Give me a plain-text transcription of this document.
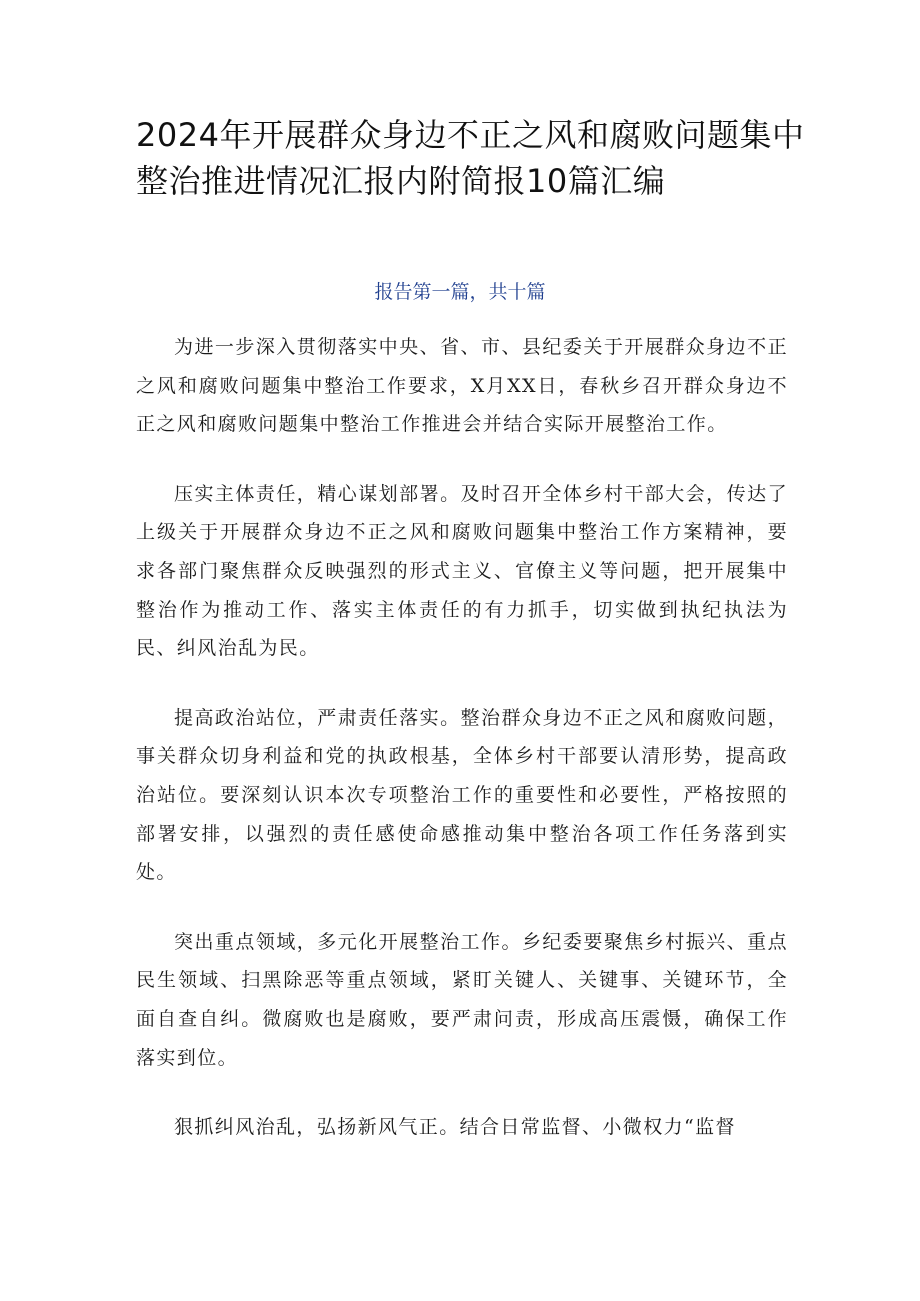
2024年开展群众身边不正之风和腐败问题集中整治推进情况汇报内附简报10篇汇编
报告第一篇，共十篇

为进一步深入贯彻落实中央、省、市、县纪委关于开展群众身边不正之风和腐败问题集中整治工作要求，X月XX日，春秋乡召开群众身边不正之风和腐败问题集中整治工作推进会并结合实际开展整治工作。

压实主体责任，精心谋划部署。及时召开全体乡村干部大会，传达了上级关于开展群众身边不正之风和腐败问题集中整治工作方案精神，要求各部门聚焦群众反映强烈的形式主义、官僚主义等问题，把开展集中整治作为推动工作、落实主体责任的有力抓手，切实做到执纪执法为民、纠风治乱为民。

提高政治站位，严肃责任落实。整治群众身边不正之风和腐败问题，事关群众切身利益和党的执政根基，全体乡村干部要认清形势，提高政治站位。要深刻认识本次专项整治工作的重要性和必要性，严格按照的部署安排，以强烈的责任感使命感推动集中整治各项工作任务落到实处。

突出重点领域，多元化开展整治工作。乡纪委要聚焦乡村振兴、重点民生领域、扫黑除恶等重点领域，紧盯关键人、关键事、关键环节，全面自查自纠。微腐败也是腐败，要严肃问责，形成高压震慑，确保工作落实到位。

狠抓纠风治乱，弘扬新风气正。结合日常监督、小微权力“监督
